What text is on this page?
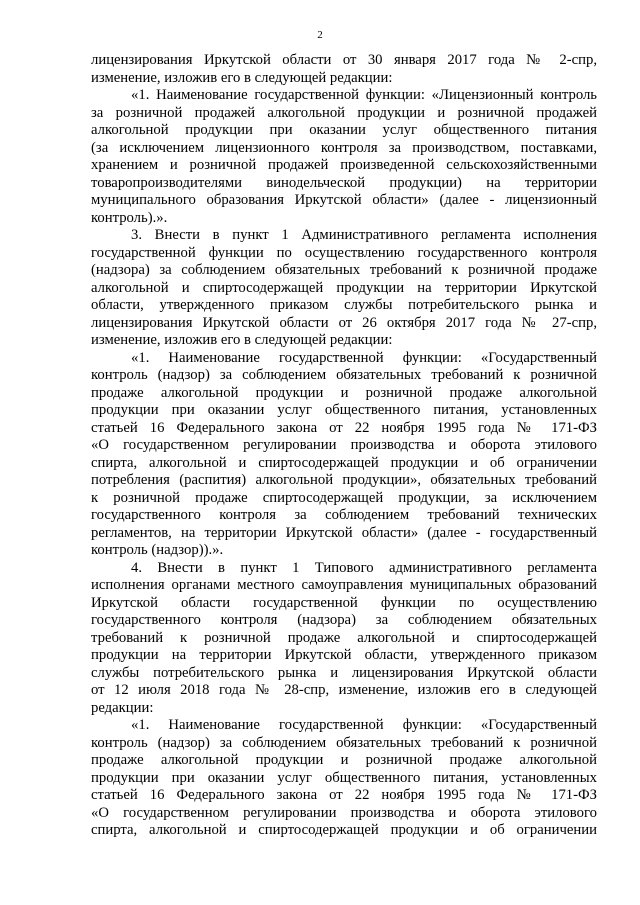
2
лицензирования Иркутской области от 30 января 2017 года № 2-спр,
изменение, изложив его в следующей редакции:
«1. Наименование государственной функции: «Лицензионный контроль
за розничной продажей алкогольной продукции и розничной продажей
алкогольной продукции при оказании услуг общественного питания
(за исключением лицензионного контроля за производством, поставками,
хранением и розничной продажей произведенной сельскохозяйственными
товаропроизводителями винодельческой продукции) на территории
муниципального образования Иркутской области» (далее - лицензионный
контроль).».
3. Внести в пункт 1 Административного регламента исполнения
государственной функции по осуществлению государственного контроля
(надзора) за соблюдением обязательных требований к розничной продаже
алкогольной и спиртосодержащей продукции на территории Иркутской
области, утвержденного приказом службы потребительского рынка и
лицензирования Иркутской области от 26 октября 2017 года № 27-спр,
изменение, изложив его в следующей редакции:
«1. Наименование государственной функции: «Государственный
контроль (надзор) за соблюдением обязательных требований к розничной
продаже алкогольной продукции и розничной продаже алкогольной
продукции при оказании услуг общественного питания, установленных
статьей 16 Федерального закона от 22 ноября 1995 года № 171-ФЗ
«О государственном регулировании производства и оборота этилового
спирта, алкогольной и спиртосодержащей продукции и об ограничении
потребления (распития) алкогольной продукции», обязательных требований
к розничной продаже спиртосодержащей продукции, за исключением
государственного контроля за соблюдением требований технических
регламентов, на территории Иркутской области» (далее - государственный
контроль (надзор)).».
4. Внести в пункт 1 Типового административного регламента
исполнения органами местного самоуправления муниципальных образований
Иркутской области государственной функции по осуществлению
государственного контроля (надзора) за соблюдением обязательных
требований к розничной продаже алкогольной и спиртосодержащей
продукции на территории Иркутской области, утвержденного приказом
службы потребительского рынка и лицензирования Иркутской области
от 12 июля 2018 года № 28-спр, изменение, изложив его в следующей
редакции:
«1. Наименование государственной функции: «Государственный
контроль (надзор) за соблюдением обязательных требований к розничной
продаже алкогольной продукции и розничной продаже алкогольной
продукции при оказании услуг общественного питания, установленных
статьей 16 Федерального закона от 22 ноября 1995 года № 171-ФЗ
«О государственном регулировании производства и оборота этилового
спирта, алкогольной и спиртосодержащей продукции и об ограничении
